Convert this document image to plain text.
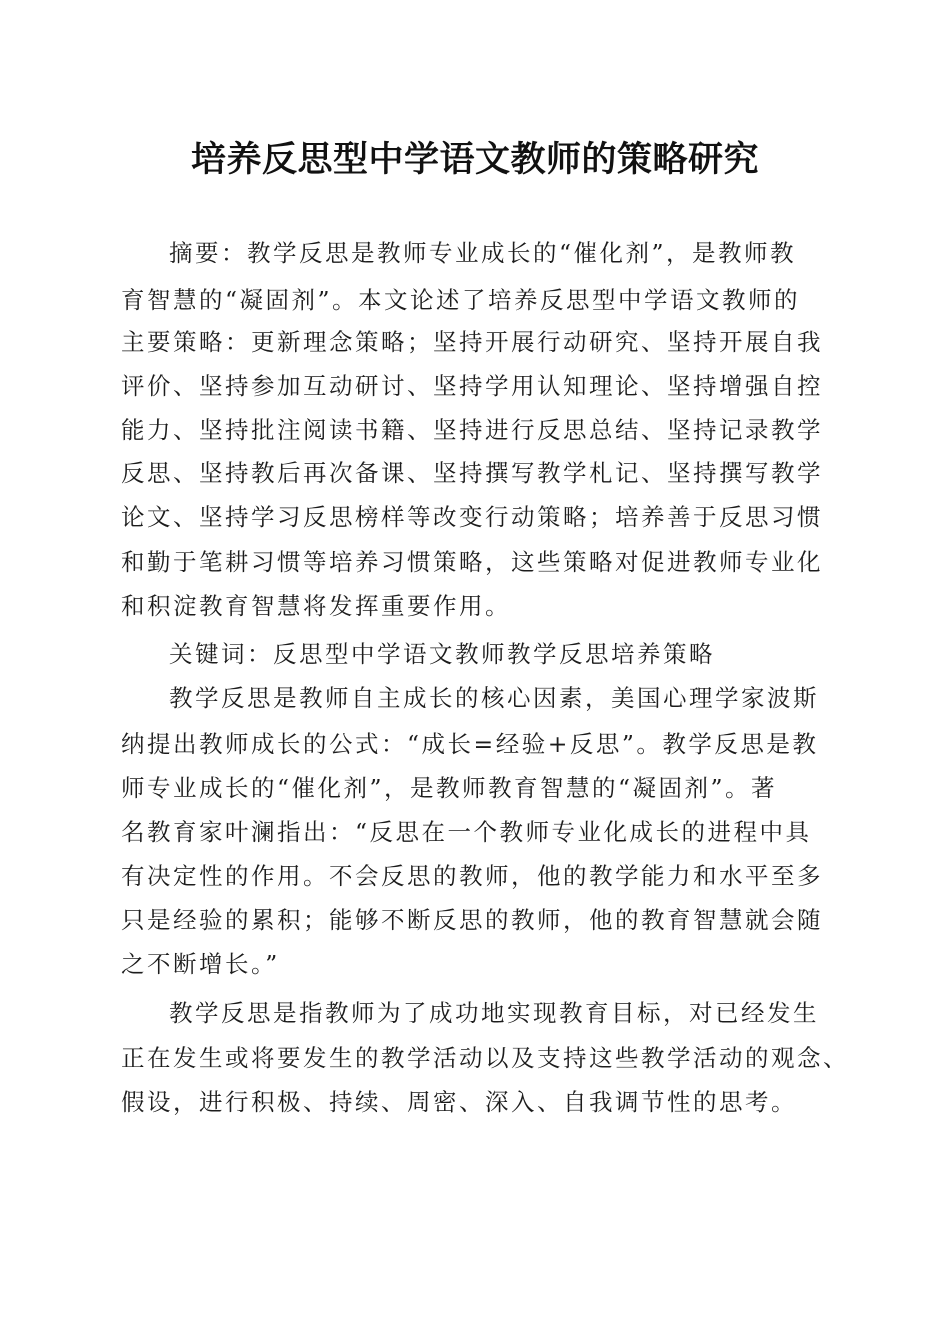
培养反思型中学语文教师的策略研究
摘要：教学反思是教师专业成长的“催化剂”，是教师教
育智慧的“凝固剂”。本文论述了培养反思型中学语文教师的
主要策略：更新理念策略；坚持开展行动研究、坚持开展自我
评价、坚持参加互动研讨、坚持学用认知理论、坚持增强自控
能力、坚持批注阅读书籍、坚持进行反思总结、坚持记录教学
反思、坚持教后再次备课、坚持撰写教学札记、坚持撰写教学
论文、坚持学习反思榜样等改变行动策略；培养善于反思习惯
和勤于笔耕习惯等培养习惯策略，这些策略对促进教师专业化
和积淀教育智慧将发挥重要作用。
关键词：反思型中学语文教师教学反思培养策略
教学反思是教师自主成长的核心因素，美国心理学家波斯
纳提出教师成长的公式：“成长=经验+反思”。教学反思是教
师专业成长的“催化剂”，是教师教育智慧的“凝固剂”。著
名教育家叶澜指出：“反思在一个教师专业化成长的进程中具
有决定性的作用。不会反思的教师，他的教学能力和水平至多
只是经验的累积；能够不断反思的教师，他的教育智慧就会随
之不断增长。”
教学反思是指教师为了成功地实现教育目标，对已经发生
正在发生或将要发生的教学活动以及支持这些教学活动的观念、
假设，进行积极、持续、周密、深入、自我调节性的思考。
